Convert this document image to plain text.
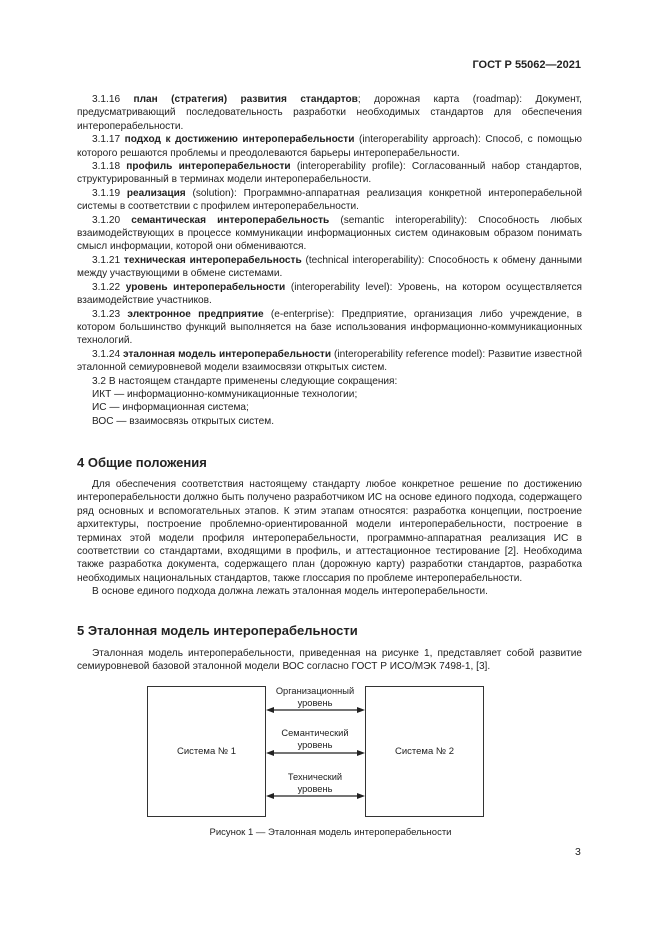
ГОСТ Р 55062—2021

3.1.16 план (стратегия) развития стандартов; дорожная карта (roadmap): Документ, предусматривающий последовательность разработки необходимых стандартов для обеспечения интероперабельности.

3.1.17 подход к достижению интероперабельности (interoperability approach): Способ, с помощью которого решаются проблемы и преодолеваются барьеры интероперабельности.

3.1.18 профиль интероперабельности (interoperability profile): Согласованный набор стандартов, структурированный в терминах модели интероперабельности.

3.1.19 реализация (solution): Программно-аппаратная реализация конкретной интероперабельной системы в соответствии с профилем интероперабельности.

3.1.20 семантическая интероперабельность (semantic interoperability): Способность любых взаимодействующих в процессе коммуникации информационных систем одинаковым образом понимать смысл информации, которой они обмениваются.

3.1.21 техническая интероперабельность (technical interoperability): Способность к обмену данными между участвующими в обмене системами.

3.1.22 уровень интероперабельности (interoperability level): Уровень, на котором осуществляется взаимодействие участников.

3.1.23 электронное предприятие (e-enterprise): Предприятие, организация либо учреждение, в котором большинство функций выполняется на базе использования информационно-коммуникационных технологий.

3.1.24 эталонная модель интероперабельности (interoperability reference model): Развитие известной эталонной семиуровневой модели взаимосвязи открытых систем.

3.2 В настоящем стандарте применены следующие сокращения:

ИКТ — информационно-коммуникационные технологии;

ИС — информационная система;

ВОС — взаимосвязь открытых систем.

4 Общие положения

Для обеспечения соответствия настоящему стандарту любое конкретное решение по достижению интероперабельности должно быть получено разработчиком ИС на основе единого подхода, содержащего ряд основных и вспомогательных этапов. К этим этапам относятся: разработка концепции, построение архитектуры, построение проблемно-ориентированной модели интероперабельности, построение в терминах этой модели профиля интероперабельности, программно-аппаратная реализация ИС в соответствии со стандартами, входящими в профиль, и аттестационное тестирование [2]. Необходима также разработка документа, содержащего план (дорожную карту) разработки стандартов, разработка необходимых национальных стандартов, также глоссария по проблеме интероперабельности.

В основе единого подхода должна лежать эталонная модель интероперабельности.

5 Эталонная модель интероперабельности

Эталонная модель интероперабельности, приведенная на рисунке 1, представляет собой развитие семиуровневой базовой эталонной модели ВОС согласно ГОСТ Р ИСО/МЭК 7498-1, [3].

Система № 1	Система № 2
Организационный
уровень
Семантический
уровень
Технический
уровень
Рисунок 1 — Эталонная модель интероперабельности
3
